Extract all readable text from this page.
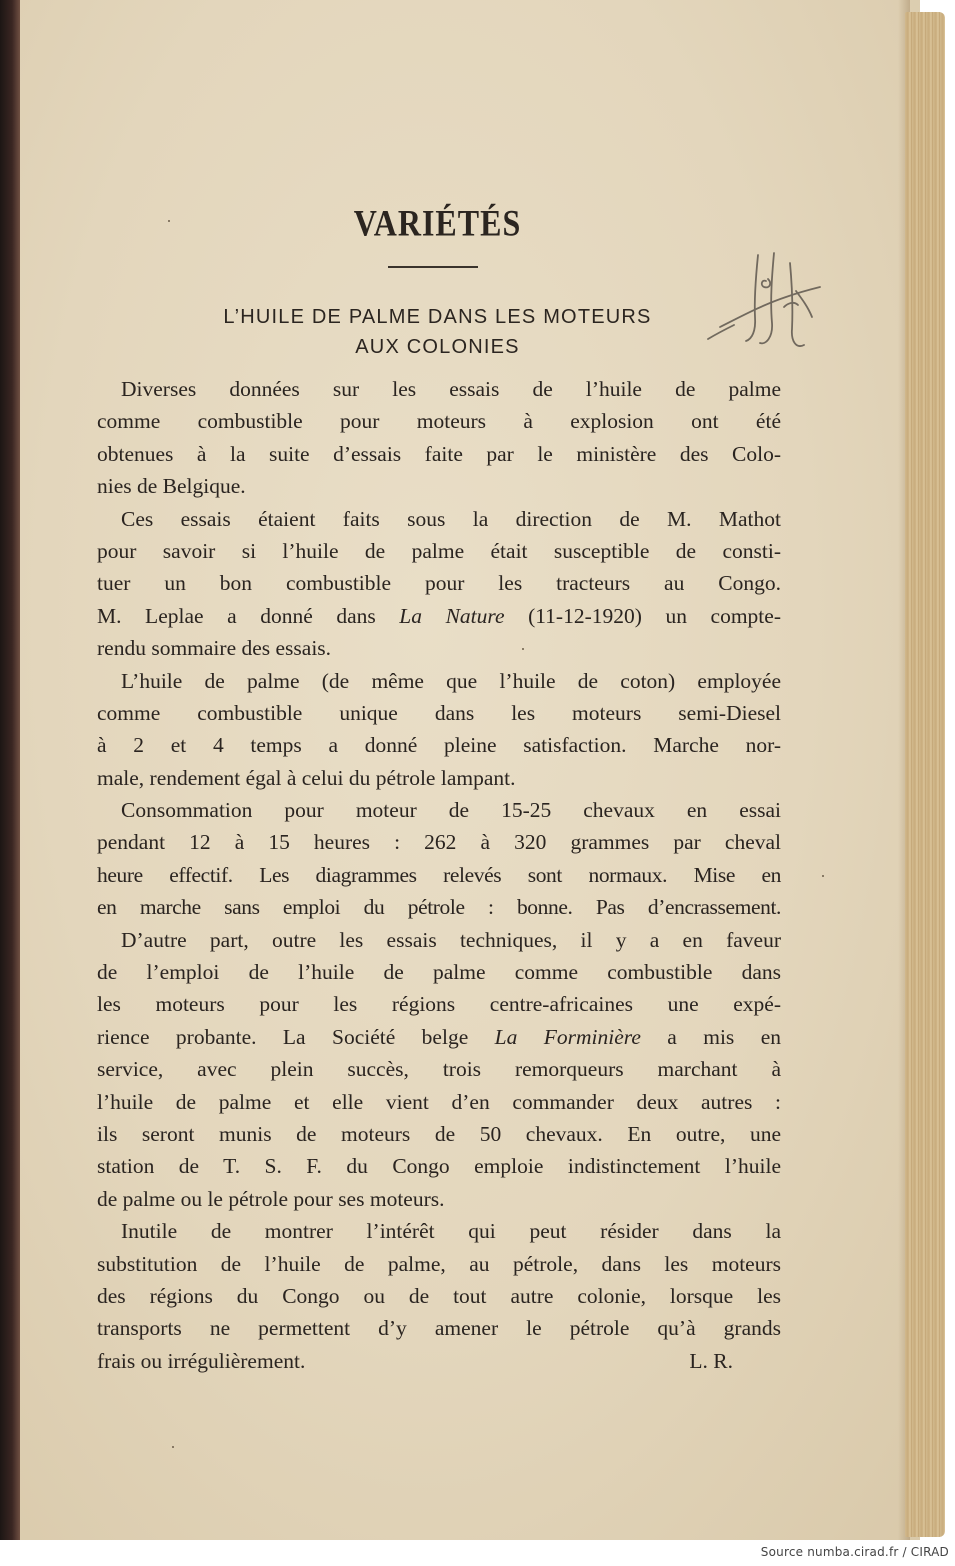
VARIÉTÉS
L’HUILE DE PALME DANS LES MOTEURS
AUX COLONIES
Diverses données sur les essais de l’huile de palme
comme combustible pour moteurs à explosion ont été
obtenues à la suite d’essais faite par le ministère des Colo-
nies de Belgique.
Ces essais étaient faits sous la direction de M. Mathot
pour savoir si l’huile de palme était susceptible de consti-
tuer un bon combustible pour les tracteurs au Congo.
M. Leplae a donné dans La Nature (11-12-1920) un compte-
rendu sommaire des essais.
L’huile de palme (de même que l’huile de coton) employée
comme combustible unique dans les moteurs semi-Diesel
à 2 et 4 temps a donné pleine satisfaction. Marche nor-
male, rendement égal à celui du pétrole lampant.
Consommation pour moteur de 15-25 chevaux en essai
pendant 12 à 15 heures : 262 à 320 grammes par cheval
heure effectif. Les diagrammes relevés sont normaux. Mise en
en marche sans emploi du pétrole : bonne. Pas d’encrassement.
D’autre part, outre les essais techniques, il y a en faveur
de l’emploi de l’huile de palme comme combustible dans
les moteurs pour les régions centre-africaines une expé-
rience probante. La Société belge La Forminière a mis en
service, avec plein succès, trois remorqueurs marchant à
l’huile de palme et elle vient d’en commander deux autres :
ils seront munis de moteurs de 50 chevaux. En outre, une
station de T. S. F. du Congo emploie indistinctement l’huile
de palme ou le pétrole pour ses moteurs.
Inutile de montrer l’intérêt qui peut résider dans la
substitution de l’huile de palme, au pétrole, dans les moteurs
des régions du Congo ou de tout autre colonie, lorsque les
transports ne permettent d’y amener le pétrole qu’à grands
frais ou irrégulièrement.	L. R.
Source numba.cirad.fr / CIRAD
